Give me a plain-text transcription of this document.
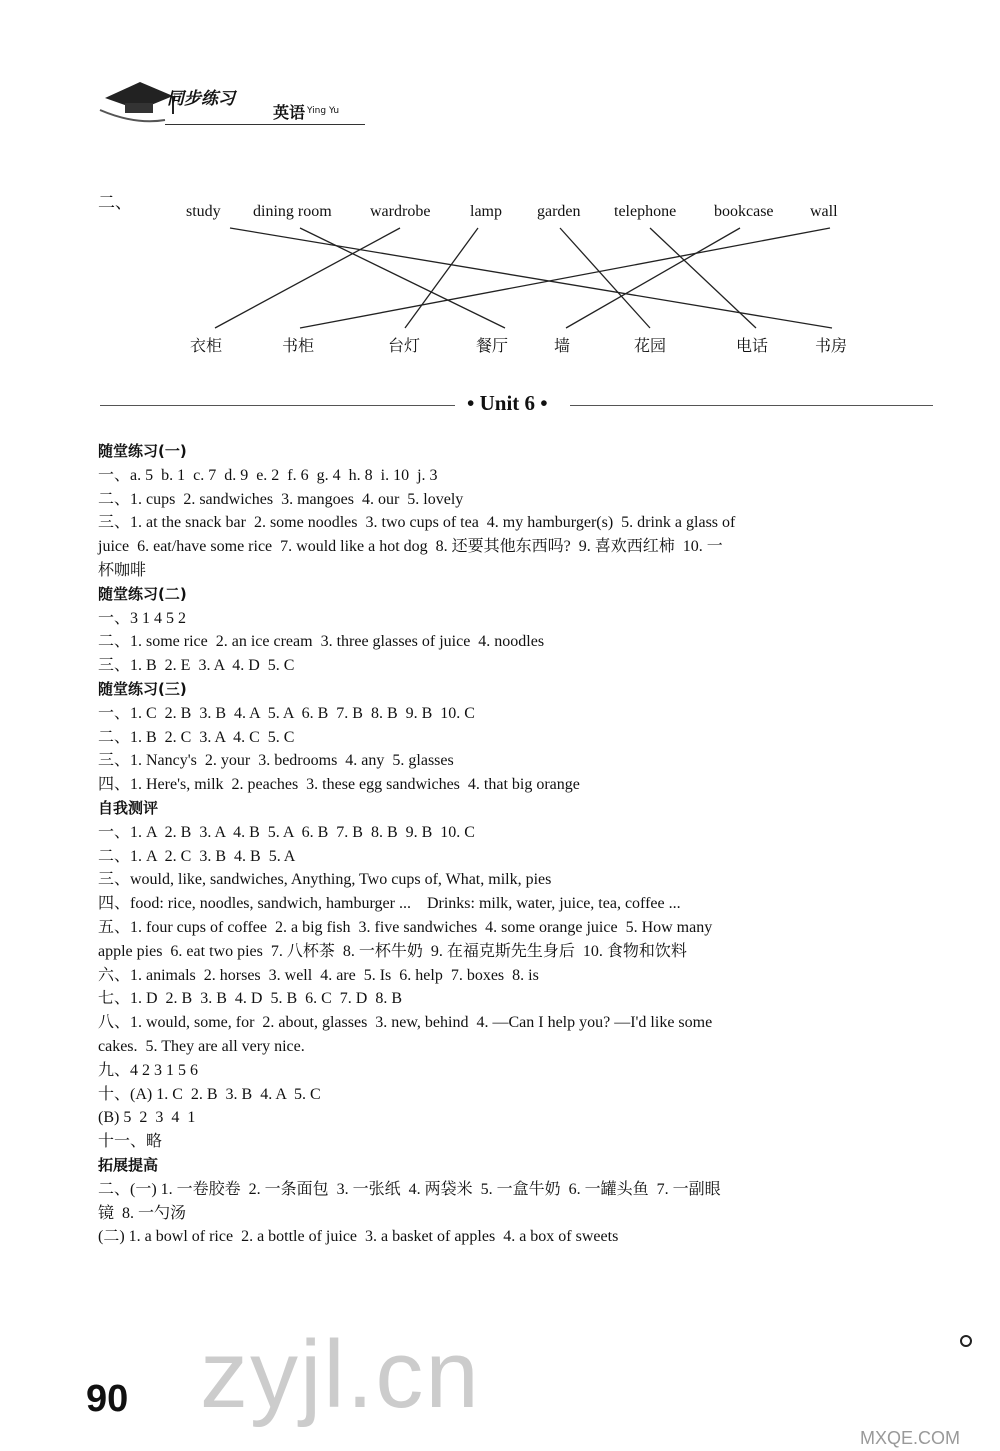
同步练习
英语 Ying Yu
二、	study dining room wardrobe lamp garden telephone bookcase wall
衣柜	书柜	台灯	餐厅	墙	花园	电话	书房
• Unit 6 •
随堂练习(一)
一、a. 5  b. 1  c. 7  d. 9  e. 2  f. 6  g. 4  h. 8  i. 10  j. 3
二、1. cups  2. sandwiches  3. mangoes  4. our  5. lovely
三、1. at the snack bar  2. some noodles  3. two cups of tea  4. my hamburger(s)  5. drink a glass of
juice  6. eat/have some rice  7. would like a hot dog  8. 还要其他东西吗?  9. 喜欢西红柿  10. 一
杯咖啡
随堂练习(二)
一、3 1 4 5 2
二、1. some rice  2. an ice cream  3. three glasses of juice  4. noodles
三、1. B  2. E  3. A  4. D  5. C
随堂练习(三)
一、1. C  2. B  3. B  4. A  5. A  6. B  7. B  8. B  9. B  10. C
二、1. B  2. C  3. A  4. C  5. C
三、1. Nancy's  2. your  3. bedrooms  4. any  5. glasses
四、1. Here's, milk  2. peaches  3. these egg sandwiches  4. that big orange
自我测评
一、1. A  2. B  3. A  4. B  5. A  6. B  7. B  8. B  9. B  10. C
二、1. A  2. C  3. B  4. B  5. A
三、would, like, sandwiches, Anything, Two cups of, What, milk, pies
四、food: rice, noodles, sandwich, hamburger ...    Drinks: milk, water, juice, tea, coffee ...
五、1. four cups of coffee  2. a big fish  3. five sandwiches  4. some orange juice  5. How many
apple pies  6. eat two pies  7. 八杯茶  8. 一杯牛奶  9. 在福克斯先生身后  10. 食物和饮料
六、1. animals  2. horses  3. well  4. are  5. Is  6. help  7. boxes  8. is
七、1. D  2. B  3. B  4. D  5. B  6. C  7. D  8. B
八、1. would, some, for  2. about, glasses  3. new, behind  4. —Can I help you? —I'd like some
cakes.  5. They are all very nice.
九、4 2 3 1 5 6
十、(A) 1. C  2. B  3. B  4. A  5. C
(B) 5  2  3  4  1
十一、略
拓展提高
二、(一) 1. 一卷胶卷  2. 一条面包  3. 一张纸  4. 两袋米  5. 一盒牛奶  6. 一罐头鱼  7. 一副眼
镜  8. 一勺汤
(二) 1. a bowl of rice  2. a bottle of juice  3. a basket of apples  4. a box of sweets
zyjl.cn
90
MXQE.COM
